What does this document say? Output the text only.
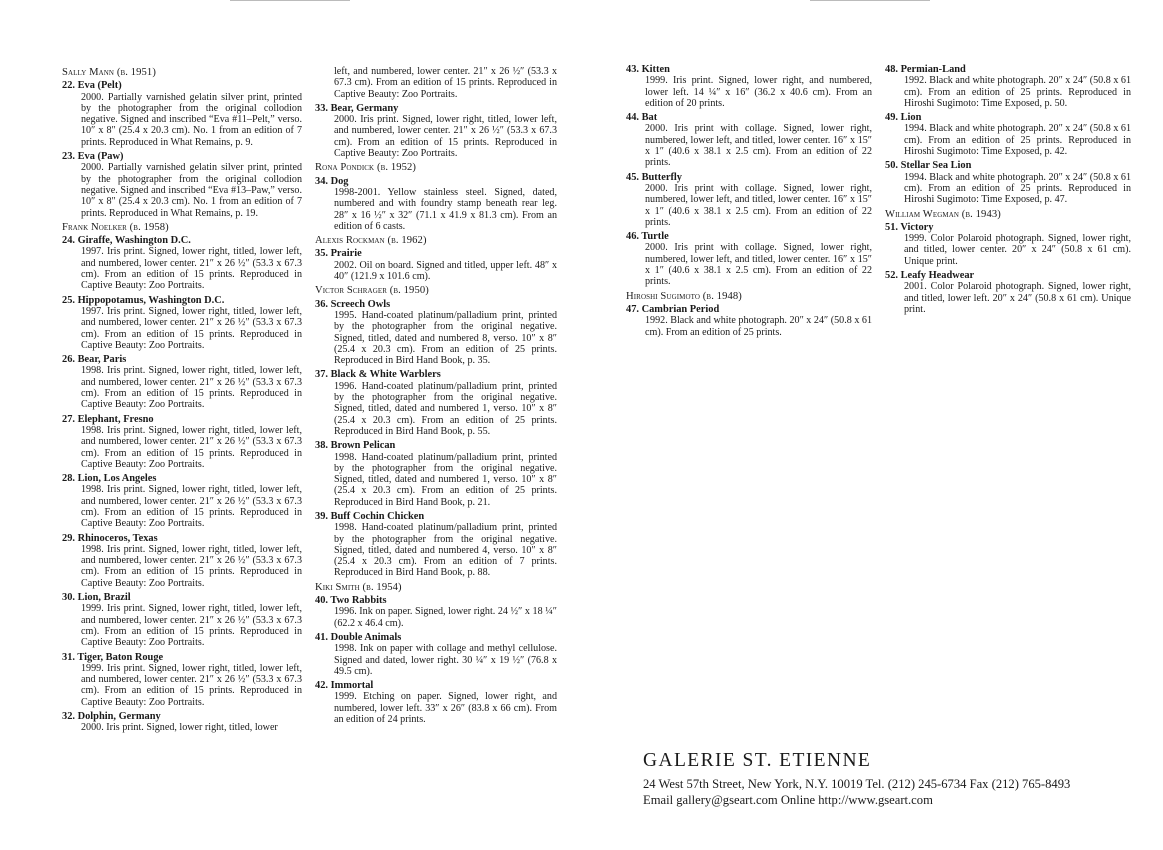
Sally Mann (b. 1951)
22. Eva (Pelt)
2000. Partially varnished gelatin silver print, printed by the photographer from the original collodion negative. Signed and inscribed “Eva #11–Pelt,” verso. 10″ x 8″ (25.4 x 20.3 cm). No. 1 from an edition of 7 prints. Reproduced in What Remains, p. 9.
23. Eva (Paw)
2000. Partially varnished gelatin silver print, printed by the photographer from the original collodion negative. Signed and inscribed “Eva #13–Paw,” verso. 10″ x 8″ (25.4 x 20.3 cm). No. 1 from an edition of 7 prints. Reproduced in What Remains, p. 19.
Frank Noelker (b. 1958)
24. Giraffe, Washington D.C.
1997. Iris print. Signed, lower right, titled, lower left, and numbered, lower center. 21″ x 26 ½″ (53.3 x 67.3 cm). From an edition of 15 prints. Reproduced in Captive Beauty: Zoo Portraits.
25. Hippopotamus, Washington D.C.
1997. Iris print. Signed, lower right, titled, lower left, and numbered, lower center. 21″ x 26 ½″ (53.3 x 67.3 cm). From an edition of 15 prints. Reproduced in Captive Beauty: Zoo Portraits.
26. Bear, Paris
1998. Iris print. Signed, lower right, titled, lower left, and numbered, lower center. 21″ x 26 ½″ (53.3 x 67.3 cm). From an edition of 15 prints. Reproduced in Captive Beauty: Zoo Portraits.
27. Elephant, Fresno
1998. Iris print. Signed, lower right, titled, lower left, and numbered, lower center. 21″ x 26 ½″ (53.3 x 67.3 cm). From an edition of 15 prints. Reproduced in Captive Beauty: Zoo Portraits.
28. Lion, Los Angeles
1998. Iris print. Signed, lower right, titled, lower left, and numbered, lower center. 21″ x 26 ½″ (53.3 x 67.3 cm). From an edition of 15 prints. Reproduced in Captive Beauty: Zoo Portraits.
29. Rhinoceros, Texas
1998. Iris print. Signed, lower right, titled, lower left, and numbered, lower center. 21″ x 26 ½″ (53.3 x 67.3 cm). From an edition of 15 prints. Reproduced in Captive Beauty: Zoo Portraits.
30. Lion, Brazil
1999. Iris print. Signed, lower right, titled, lower left, and numbered, lower center. 21″ x 26 ½″ (53.3 x 67.3 cm). From an edition of 15 prints. Reproduced in Captive Beauty: Zoo Portraits.
31. Tiger, Baton Rouge
1999. Iris print. Signed, lower right, titled, lower left, and numbered, lower center. 21″ x 26 ½″ (53.3 x 67.3 cm). From an edition of 15 prints. Reproduced in Captive Beauty: Zoo Portraits.
32. Dolphin, Germany
2000. Iris print. Signed, lower right, titled, lower
left, and numbered, lower center. 21″ x 26 ½″ (53.3 x 67.3 cm). From an edition of 15 prints. Reproduced in Captive Beauty: Zoo Portraits.
33. Bear, Germany
2000. Iris print. Signed, lower right, titled, lower left, and numbered, lower center. 21″ x 26 ½″ (53.3 x 67.3 cm). From an edition of 15 prints. Reproduced in Captive Beauty: Zoo Portraits.
Rona Pondick (b. 1952)
34. Dog
1998-2001. Yellow stainless steel. Signed, dated, numbered and with foundry stamp beneath rear leg. 28″ x 16 ½″ x 32″ (71.1 x 41.9 x 81.3 cm). From an edition of 6 casts.
Alexis Rockman (b. 1962)
35. Prairie
2002. Oil on board. Signed and titled, upper left. 48″ x 40″ (121.9 x 101.6 cm).
Victor Schrager (b. 1950)
36. Screech Owls
1995. Hand-coated platinum/palladium print, printed by the photographer from the original negative. Signed, titled, dated and numbered 8, verso. 10″ x 8″ (25.4 x 20.3 cm). From an edition of 25 prints. Reproduced in Bird Hand Book, p. 35.
37. Black & White Warblers
1996. Hand-coated platinum/palladium print, printed by the photographer from the original negative. Signed, titled, dated and numbered 1, verso. 10″ x 8″ (25.4 x 20.3 cm). From an edition of 25 prints. Reproduced in Bird Hand Book, p. 55.
38. Brown Pelican
1998. Hand-coated platinum/palladium print, printed by the photographer from the original negative. Signed, titled, dated and numbered 1, verso. 10″ x 8″ (25.4 x 20.3 cm). From an edition of 25 prints. Reproduced in Bird Hand Book, p. 21.
39. Buff Cochin Chicken
1998. Hand-coated platinum/palladium print, printed by the photographer from the original negative. Signed, titled, dated and numbered 4, verso. 10″ x 8″ (25.4 x 20.3 cm). From an edition of 7 prints. Reproduced in Bird Hand Book, p. 88.
Kiki Smith (b. 1954)
40. Two Rabbits
1996. Ink on paper. Signed, lower right. 24 ½″ x 18 ¼″ (62.2 x 46.4 cm).
41. Double Animals
1998. Ink on paper with collage and methyl cellulose. Signed and dated, lower right. 30 ¼″ x 19 ½″ (76.8 x 49.5 cm).
42. Immortal
1999. Etching on paper. Signed, lower right, and numbered, lower left. 33″ x 26″ (83.8 x 66 cm). From an edition of 24 prints.
43. Kitten
1999. Iris print. Signed, lower right, and numbered, lower left. 14 ¼″ x 16″ (36.2 x 40.6 cm). From an edition of 20 prints.
44. Bat
2000. Iris print with collage. Signed, lower right, numbered, lower left, and titled, lower center. 16″ x 15″ x 1″ (40.6 x 38.1 x 2.5 cm). From an edition of 22 prints.
45. Butterfly
2000. Iris print with collage. Signed, lower right, numbered, lower left, and titled, lower center. 16″ x 15″ x 1″ (40.6 x 38.1 x 2.5 cm). From an edition of 22 prints.
46. Turtle
2000. Iris print with collage. Signed, lower right, numbered, lower left, and titled, lower center. 16″ x 15″ x 1″ (40.6 x 38.1 x 2.5 cm). From an edition of 22 prints.
Hiroshi Sugimoto (b. 1948)
47. Cambrian Period
1992. Black and white photograph. 20″ x 24″ (50.8 x 61 cm). From an edition of 25 prints.
48. Permian-Land
1992. Black and white photograph. 20″ x 24″ (50.8 x 61 cm). From an edition of 25 prints. Reproduced in Hiroshi Sugimoto: Time Exposed, p. 50.
49. Lion
1994. Black and white photograph. 20″ x 24″ (50.8 x 61 cm). From an edition of 25 prints. Reproduced in Hiroshi Sugimoto: Time Exposed, p. 42.
50. Stellar Sea Lion
1994. Black and white photograph. 20″ x 24″ (50.8 x 61 cm). From an edition of 25 prints. Reproduced in Hiroshi Sugimoto: Time Exposed, p. 47.
William Wegman (b. 1943)
51. Victory
1999. Color Polaroid photograph. Signed, lower right, and titled, lower center. 20″ x 24″ (50.8 x 61 cm). Unique print.
52. Leafy Headwear
2001. Color Polaroid photograph. Signed, lower right, and titled, lower left. 20″ x 24″ (50.8 x 61 cm). Unique print.
GALERIE ST. ETIENNE
24 West 57th Street, New York, N.Y. 10019 Tel. (212) 245-6734 Fax (212) 765-8493
Email gallery@gseart.com Online http://www.gseart.com
